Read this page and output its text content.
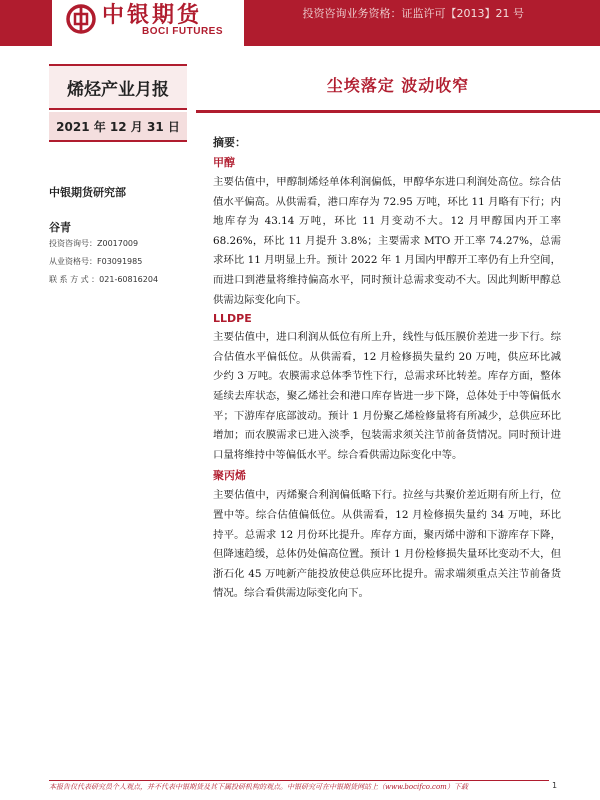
中银期货
BOCI FUTURES
投资咨询业务资格：证监许可【2013】21 号
烯烃产业月报
2021 年 12 月 31 日
中银期货研究部
谷青
投资咨询号：Z0017009
从业资格号：F03091985
联 系 方 式 ：021-60816204
尘埃落定 波动收窄
摘要：
甲醇

主要估值中，甲醇制烯烃单体利润偏低，甲醇华东进口利润处高位。综合估值水平偏高。从供需看，港口库存为 72.95 万吨，环比 11 月略有下行；内地库存为 43.14 万吨，环比 11 月变动不大。12 月甲醇国内开工率 68.26%，环比 11 月提升 3.8%；主要需求 MTO 开工率 74.27%，总需求环比 11 月明显上升。预计 2022 年 1 月国内甲醇开工率仍有上升空间，而进口到港量将维持偏高水平，同时预计总需求变动不大。因此判断甲醇总供需边际变化向下。

LLDPE

主要估值中，进口利润从低位有所上升，线性与低压膜价差进一步下行。综合估值水平偏低位。从供需看，12 月检修损失量约 20 万吨，供应环比减少约 3 万吨。农膜需求总体季节性下行，总需求环比转差。库存方面，整体延续去库状态，聚乙烯社会和港口库存皆进一步下降，总体处于中等偏低水平；下游库存底部波动。预计 1 月份聚乙烯检修量将有所减少，总供应环比增加；而农膜需求已进入淡季，包装需求须关注节前备货情况。同时预计进口量将维持中等偏低水平。综合看供需边际变化中等。

聚丙烯

主要估值中，丙烯聚合利润偏低略下行。拉丝与共聚价差近期有所上行，位置中等。综合估值偏低位。从供需看，12 月检修损失量约 34 万吨，环比持平。总需求 12 月份环比提升。库存方面，聚丙烯中游和下游库存下降，但降速趋缓，总体仍处偏高位置。预计 1 月份检修损失量环比变动不大，但浙石化 45 万吨新产能投放使总供应环比提升。需求端须重点关注节前备货情况。综合看供需边际变化向下。

本报告仅代表研究员个人观点，并不代表中银期货及其下属投研机构的观点。中银研究可在中银期货网站上（www.bocifco.com）下载	1
